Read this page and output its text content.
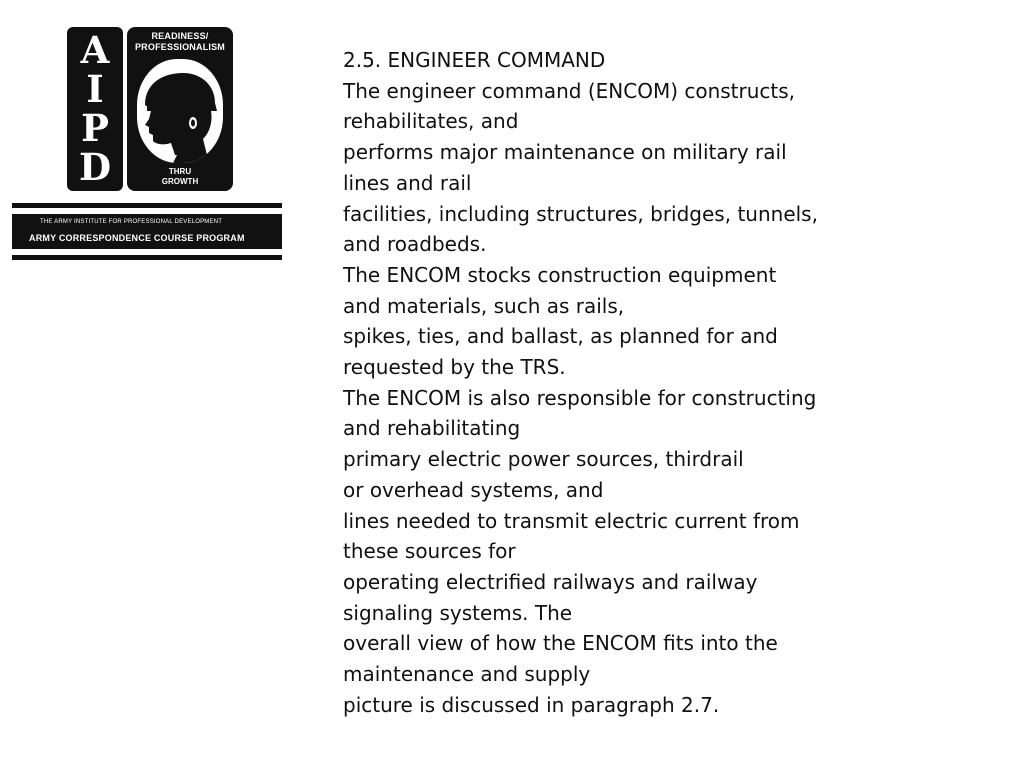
A
I
P
D
READINESS/
PROFESSIONALISM
THRU
GROWTH
THE ARMY INSTITUTE FOR PROFESSIONAL DEVELOPMENT
ARMY CORRESPONDENCE COURSE PROGRAM
2.5. ENGINEER COMMAND
The engineer command (ENCOM) constructs,
rehabilitates, and
performs major maintenance on military rail
lines and rail
facilities, including structures, bridges, tunnels,
and roadbeds.
The ENCOM stocks construction equipment
and materials, such as rails,
spikes, ties, and ballast, as planned for and
requested by the TRS.
The ENCOM is also responsible for constructing
and rehabilitating
primary electric power sources, thirdrail
or overhead systems, and
lines needed to transmit electric current from
these sources for
operating electrified railways and railway
signaling systems. The
overall view of how the ENCOM fits into the
maintenance and supply
picture is discussed in paragraph 2.7.
